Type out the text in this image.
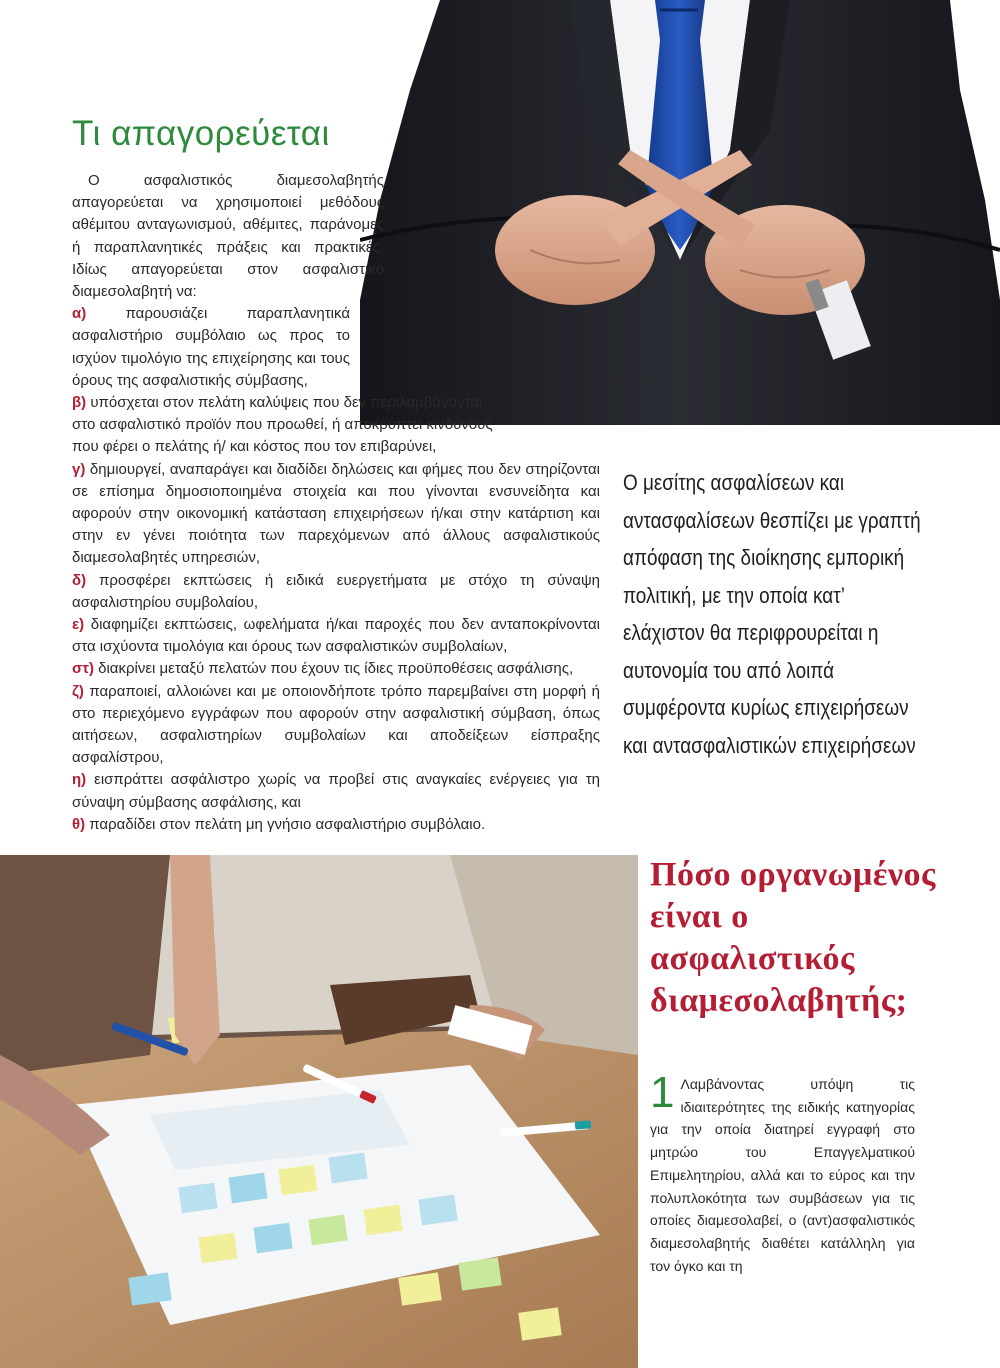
Τι απαγορεύεται

Ο ασφαλιστικός διαμεσολαβητής απαγορεύεται να χρησιμοποιεί μεθόδους αθέμιτου ανταγωνισμού, αθέμιτες, παράνομες ή παραπλανητικές πράξεις και πρακτικές. Ιδίως απαγορεύεται στον ασφαλιστικό διαμεσολαβητή να:

α)	παρουσιάζει παραπλανητικά ασφαλιστήριο συμβόλαιο ως προς το ισχύον τιμολόγιο της επιχείρησης και τους όρους της ασφαλιστικής σύμβασης,

β) υπόσχεται στον πελάτη καλύψεις που δεν περιλαμβάνονται στο ασφαλιστικό προϊόν που προωθεί, ή αποκρύπτει κινδύνους που φέρει ο πελάτης ή/ και κόστος που τον επιβαρύνει,

γ) δημιουργεί, αναπαράγει και διαδίδει δηλώσεις και φήμες που δεν στηρίζονται σε επίσημα δημοσιοποιημένα στοιχεία και που γίνονται ενσυνείδητα και αφορούν στην οικονομική κατάσταση επιχειρήσεων ή/και στην κατάρτιση και στην εν γένει ποιότητα των παρεχόμενων από άλλους ασφαλιστικούς διαμεσολαβητές υπηρεσιών,

δ) προσφέρει εκπτώσεις ή ειδικά ευεργετήματα με στόχο τη σύναψη ασφαλιστηρίου συμβολαίου,

ε) διαφημίζει εκπτώσεις, ωφελήματα ή/και παροχές που δεν ανταποκρίνονται στα ισχύοντα τιμολόγια και όρους των ασφαλιστικών συμβολαίων,

στ) διακρίνει μεταξύ πελατών που έχουν τις ίδιες προϋποθέσεις ασφάλισης,

ζ) παραποιεί, αλλοιώνει και με οποιονδήποτε τρόπο παρεμβαίνει στη μορφή ή στο περιεχόμενο εγγράφων που αφορούν στην ασφαλιστική σύμβαση, όπως αιτήσεων, ασφαλιστηρίων συμβολαίων και αποδείξεων είσπραξης ασφαλίστρου,

η) εισπράττει ασφάλιστρο χωρίς να προβεί στις αναγκαίες ενέργειες για τη σύναψη σύμβασης ασφάλισης, και

θ) παραδίδει στον πελάτη μη γνήσιο ασφαλιστήριο συμβόλαιο.

Ο μεσίτης ασφαλίσεων και αντασφαλίσεων θεσπίζει με γραπτή απόφαση της διοίκησης εμπορική πολιτική, με την οποία κατ’ ελάχιστον θα περιφρουρείται η αυτονομία του από λοιπά συμφέροντα κυρίως επιχειρήσεων και αντασφαλιστικών επιχειρήσεων
Πόσο οργανωμένος είναι ο ασφαλιστικός διαμεσολαβητής;
1 Λαμβάνοντας υπόψη τις ιδιαιτερότητες της ειδικής κατηγορίας για την οποία διατηρεί εγγραφή στο μητρώο του Επαγγελματικού Επιμελητηρίου, αλλά και το εύρος και την πολυπλοκότητα των συμβάσεων για τις οποίες διαμεσολαβεί, ο (αντ)ασφαλιστικός διαμεσολαβητής διαθέτει κατάλληλη για τον όγκο και τη
